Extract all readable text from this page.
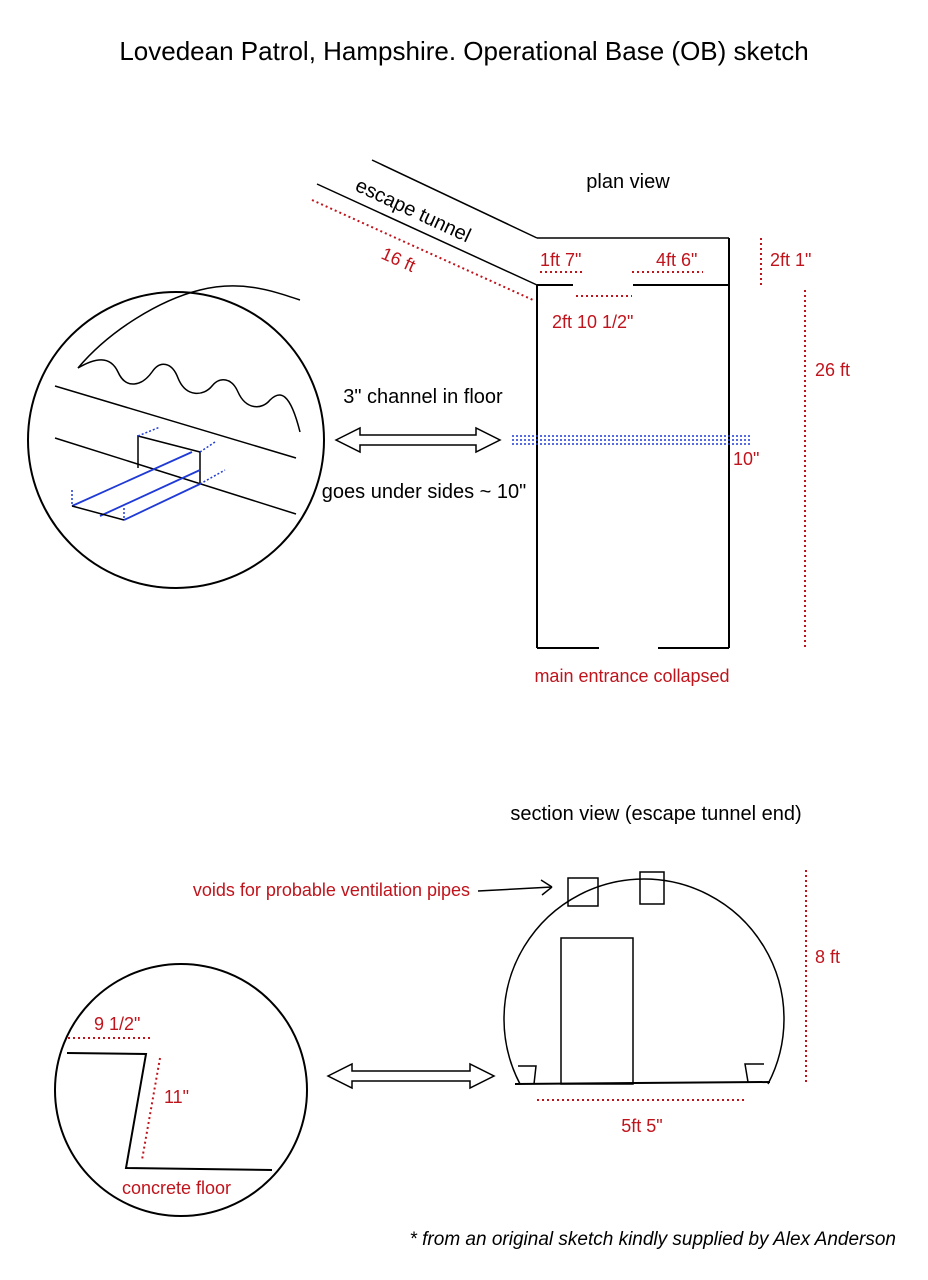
Lovedean Patrol, Hampshire. Operational Base (OB) sketch
plan view
escape tunnel
16 ft	1ft 7"	4ft 6"
2ft 10 1/2"
2ft 1"
26 ft
10"
3" channel in floor
goes under sides ~ 10"
main entrance collapsed
section view (escape tunnel end)
voids for probable ventilation pipes
8 ft
5ft 5"
9 1/2"
11"
concrete floor
* from an original sketch kindly supplied by Alex Anderson
